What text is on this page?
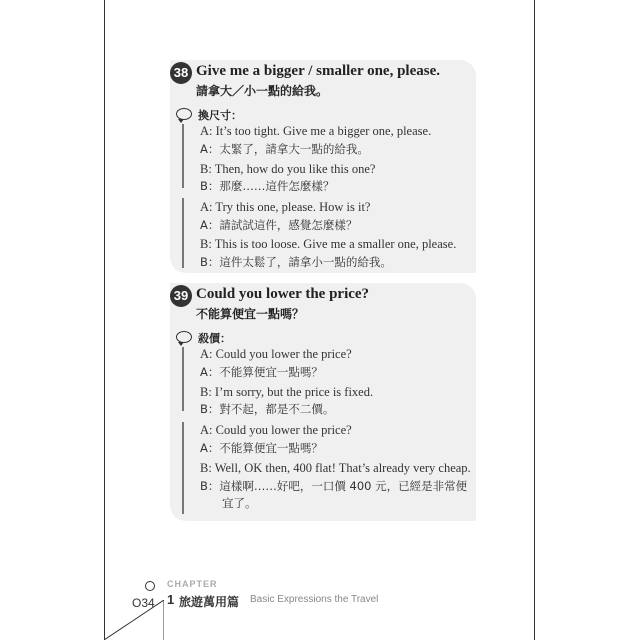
38 Give me a bigger / smaller one, please.
請拿大／小一點的給我。
換尺寸：
A: It’s too tight. Give me a bigger one, please.
A：太緊了，請拿大一點的給我。
B: Then, how do you like this one?
B：那麼……這件怎麼樣？
A: Try this one, please. How is it?
A：請試試這件，感覺怎麼樣？
B: This is too loose. Give me a smaller one, please.
B：這件太鬆了，請拿小一點的給我。
39 Could you lower the price?
不能算便宜一點嗎？
殺價：
A: Could you lower the price?
A：不能算便宜一點嗎？
B: I’m sorry, but the price is fixed.
B：對不起，都是不二價。
A: Could you lower the price?
A：不能算便宜一點嗎？
B: Well, OK then, 400 flat! That’s already very cheap.
B：這樣啊……好吧，一口價 400 元，已經是非常便
宜了。
O34
CHAPTER
1 旅遊萬用篇 Basic Expressions the Travel
